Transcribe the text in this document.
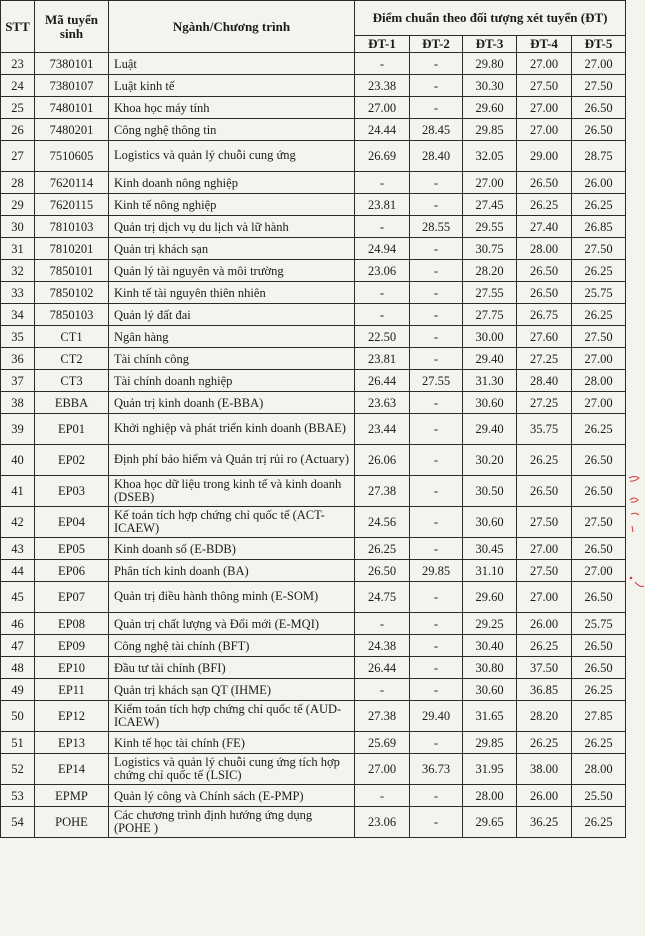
STT	Mã tuyển sinh	Ngành/Chương trình	Điểm chuẩn theo đối tượng xét tuyển (ĐT)				
			ĐT-1	ĐT-2	ĐT-3	ĐT-4	ĐT-5
23	7380101	Luật	-	-	29.80	27.00	27.00
24	7380107	Luật kinh tế	23.38	-	30.30	27.50	27.50
25	7480101	Khoa học máy tính	27.00	-	29.60	27.00	26.50
26	7480201	Công nghệ thông tin	24.44	28.45	29.85	27.00	26.50
27	7510605	Logistics và quản lý chuỗi cung ứng	26.69	28.40	32.05	29.00	28.75
28	7620114	Kinh doanh nông nghiệp	-	-	27.00	26.50	26.00
29	7620115	Kinh tế nông nghiệp	23.81	-	27.45	26.25	26.25
30	7810103	Quản trị dịch vụ du lịch và lữ hành	-	28.55	29.55	27.40	26.85
31	7810201	Quản trị khách sạn	24.94	-	30.75	28.00	27.50
32	7850101	Quản lý tài nguyên và môi trường	23.06	-	28.20	26.50	26.25
33	7850102	Kinh tế tài nguyên thiên nhiên	-	-	27.55	26.50	25.75
34	7850103	Quản lý đất đai	-	-	27.75	26.75	26.25
35	CT1	Ngân hàng	22.50	-	30.00	27.60	27.50
36	CT2	Tài chính công	23.81	-	29.40	27.25	27.00
37	CT3	Tài chính doanh nghiệp	26.44	27.55	31.30	28.40	28.00
38	EBBA	Quản trị kinh doanh (E-BBA)	23.63	-	30.60	27.25	27.00
39	EP01	Khởi nghiệp và phát triển kinh doanh (BBAE)	23.44	-	29.40	35.75	26.25
40	EP02	Định phí bảo hiểm và Quản trị rủi ro (Actuary)	26.06	-	30.20	26.25	26.50
41	EP03	Khoa học dữ liệu trong kinh tế và kinh doanh (DSEB)	27.38	-	30.50	26.50	26.50
42	EP04	Kế toán tích hợp chứng chỉ quốc tế (ACT-ICAEW)	24.56	-	30.60	27.50	27.50
43	EP05	Kinh doanh số (E-BDB)	26.25	-	30.45	27.00	26.50
44	EP06	Phân tích kinh doanh (BA)	26.50	29.85	31.10	27.50	27.00
45	EP07	Quản trị điều hành thông minh (E-SOM)	24.75	-	29.60	27.00	26.50
46	EP08	Quản trị chất lượng và Đổi mới (E-MQI)	-	-	29.25	26.00	25.75
47	EP09	Công nghệ tài chính (BFT)	24.38	-	30.40	26.25	26.50
48	EP10	Đầu tư tài chính (BFI)	26.44	-	30.80	37.50	26.50
49	EP11	Quản trị khách sạn QT (IHME)	-	-	30.60	36.85	26.25
50	EP12	Kiểm toán tích hợp chứng chỉ quốc tế (AUD-ICAEW)	27.38	29.40	31.65	28.20	27.85
51	EP13	Kinh tế học tài chính (FE)	25.69	-	29.85	26.25	26.25
52	EP14	Logistics và quản lý chuỗi cung ứng tích hợp chứng chỉ quốc tế (LSIC)	27.00	36.73	31.95	38.00	28.00
53	EPMP	Quản lý công và Chính sách (E-PMP)	-	-	28.00	26.00	25.50
54	POHE	Các chương trình định hướng ứng dụng (POHE )	23.06	-	29.65	36.25	26.25
